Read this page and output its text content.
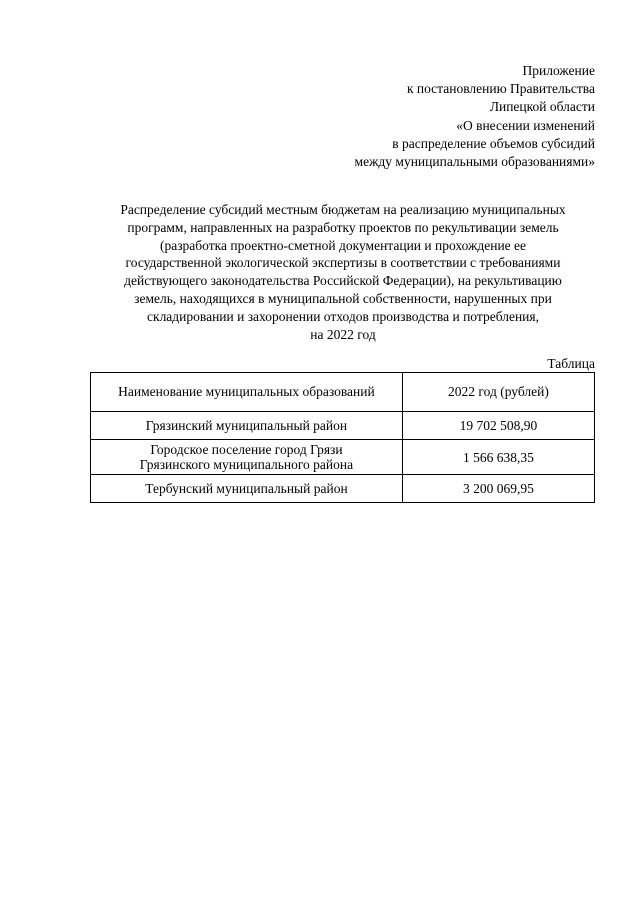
Приложение
к постановлению Правительства
Липецкой области
«О внесении изменений
в распределение объемов субсидий
между муниципальными образованиями»
Распределение субсидий местным бюджетам на реализацию муниципальных
программ, направленных на разработку проектов по рекультивации земель
(разработка проектно-сметной документации и прохождение ее
государственной экологической экспертизы в соответствии с требованиями
действующего законодательства Российской Федерации), на рекультивацию
земель, находящихся в муниципальной собственности, нарушенных при
складировании и захоронении отходов производства и потребления,
на 2022 год
Таблица
Наименование муниципальных образований	2022 год (рублей)
Грязинский муниципальный район	19 702 508,90

Городское поселение город Грязи
Грязинского муниципального района	1 566 638,35
Тербунский муниципальный район	3 200 069,95
